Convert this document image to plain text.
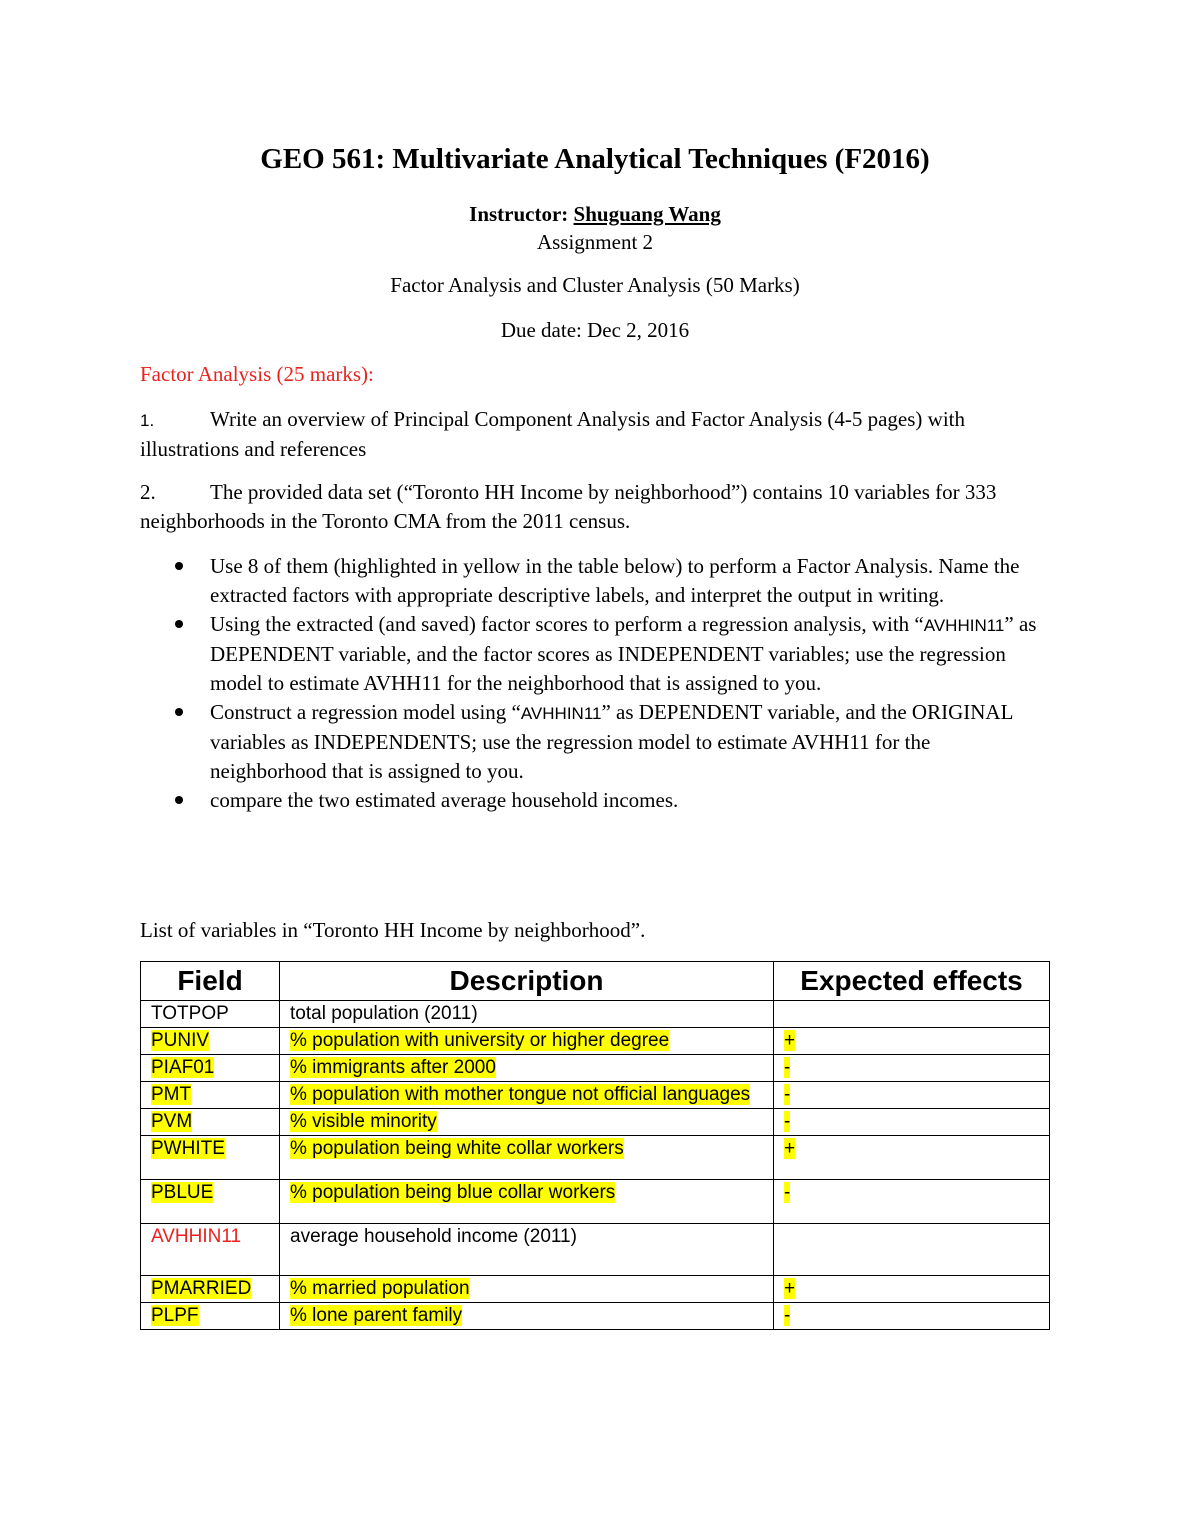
GEO 561: Multivariate Analytical Techniques (F2016)
Instructor: Shuguang Wang
Assignment 2
Factor Analysis and Cluster Analysis (50 Marks)
Due date: Dec 2, 2016
Factor Analysis (25 marks):
1.	Write an overview of Principal Component Analysis and Factor Analysis (4-5 pages) with illustrations and references
2.	The provided data set (“Toronto HH Income by neighborhood”) contains 10 variables for 333 neighborhoods in the Toronto CMA from the 2011 census.
Use 8 of them (highlighted in yellow in the table below) to perform a Factor Analysis. Name the extracted factors with appropriate descriptive labels, and interpret the output in writing.
Using the extracted (and saved) factor scores to perform a regression analysis, with “AVHHIN11” as DEPENDENT variable, and the factor scores as INDEPENDENT variables; use the regression model to estimate AVHH11 for the neighborhood that is assigned to you.
Construct a regression model using “AVHHIN11” as DEPENDENT variable, and the ORIGINAL variables as INDEPENDENTS; use the regression model to estimate AVHH11 for the neighborhood that is assigned to you.
compare the two estimated average household incomes.
List of variables in “Toronto HH Income by neighborhood”.
Field	Description	Expected effects
TOTPOP	total population (2011)	
PUNIV	% population with university or higher degree	+
PIAF01	% immigrants after 2000	-
PMT	% population with mother tongue not official languages	-
PVM	% visible minority	-
PWHITE	% population being white collar workers	+
PBLUE	% population being blue collar workers	-
AVHHIN11	average household income (2011)	
PMARRIED	% married population	+
PLPF	% lone parent family	-
